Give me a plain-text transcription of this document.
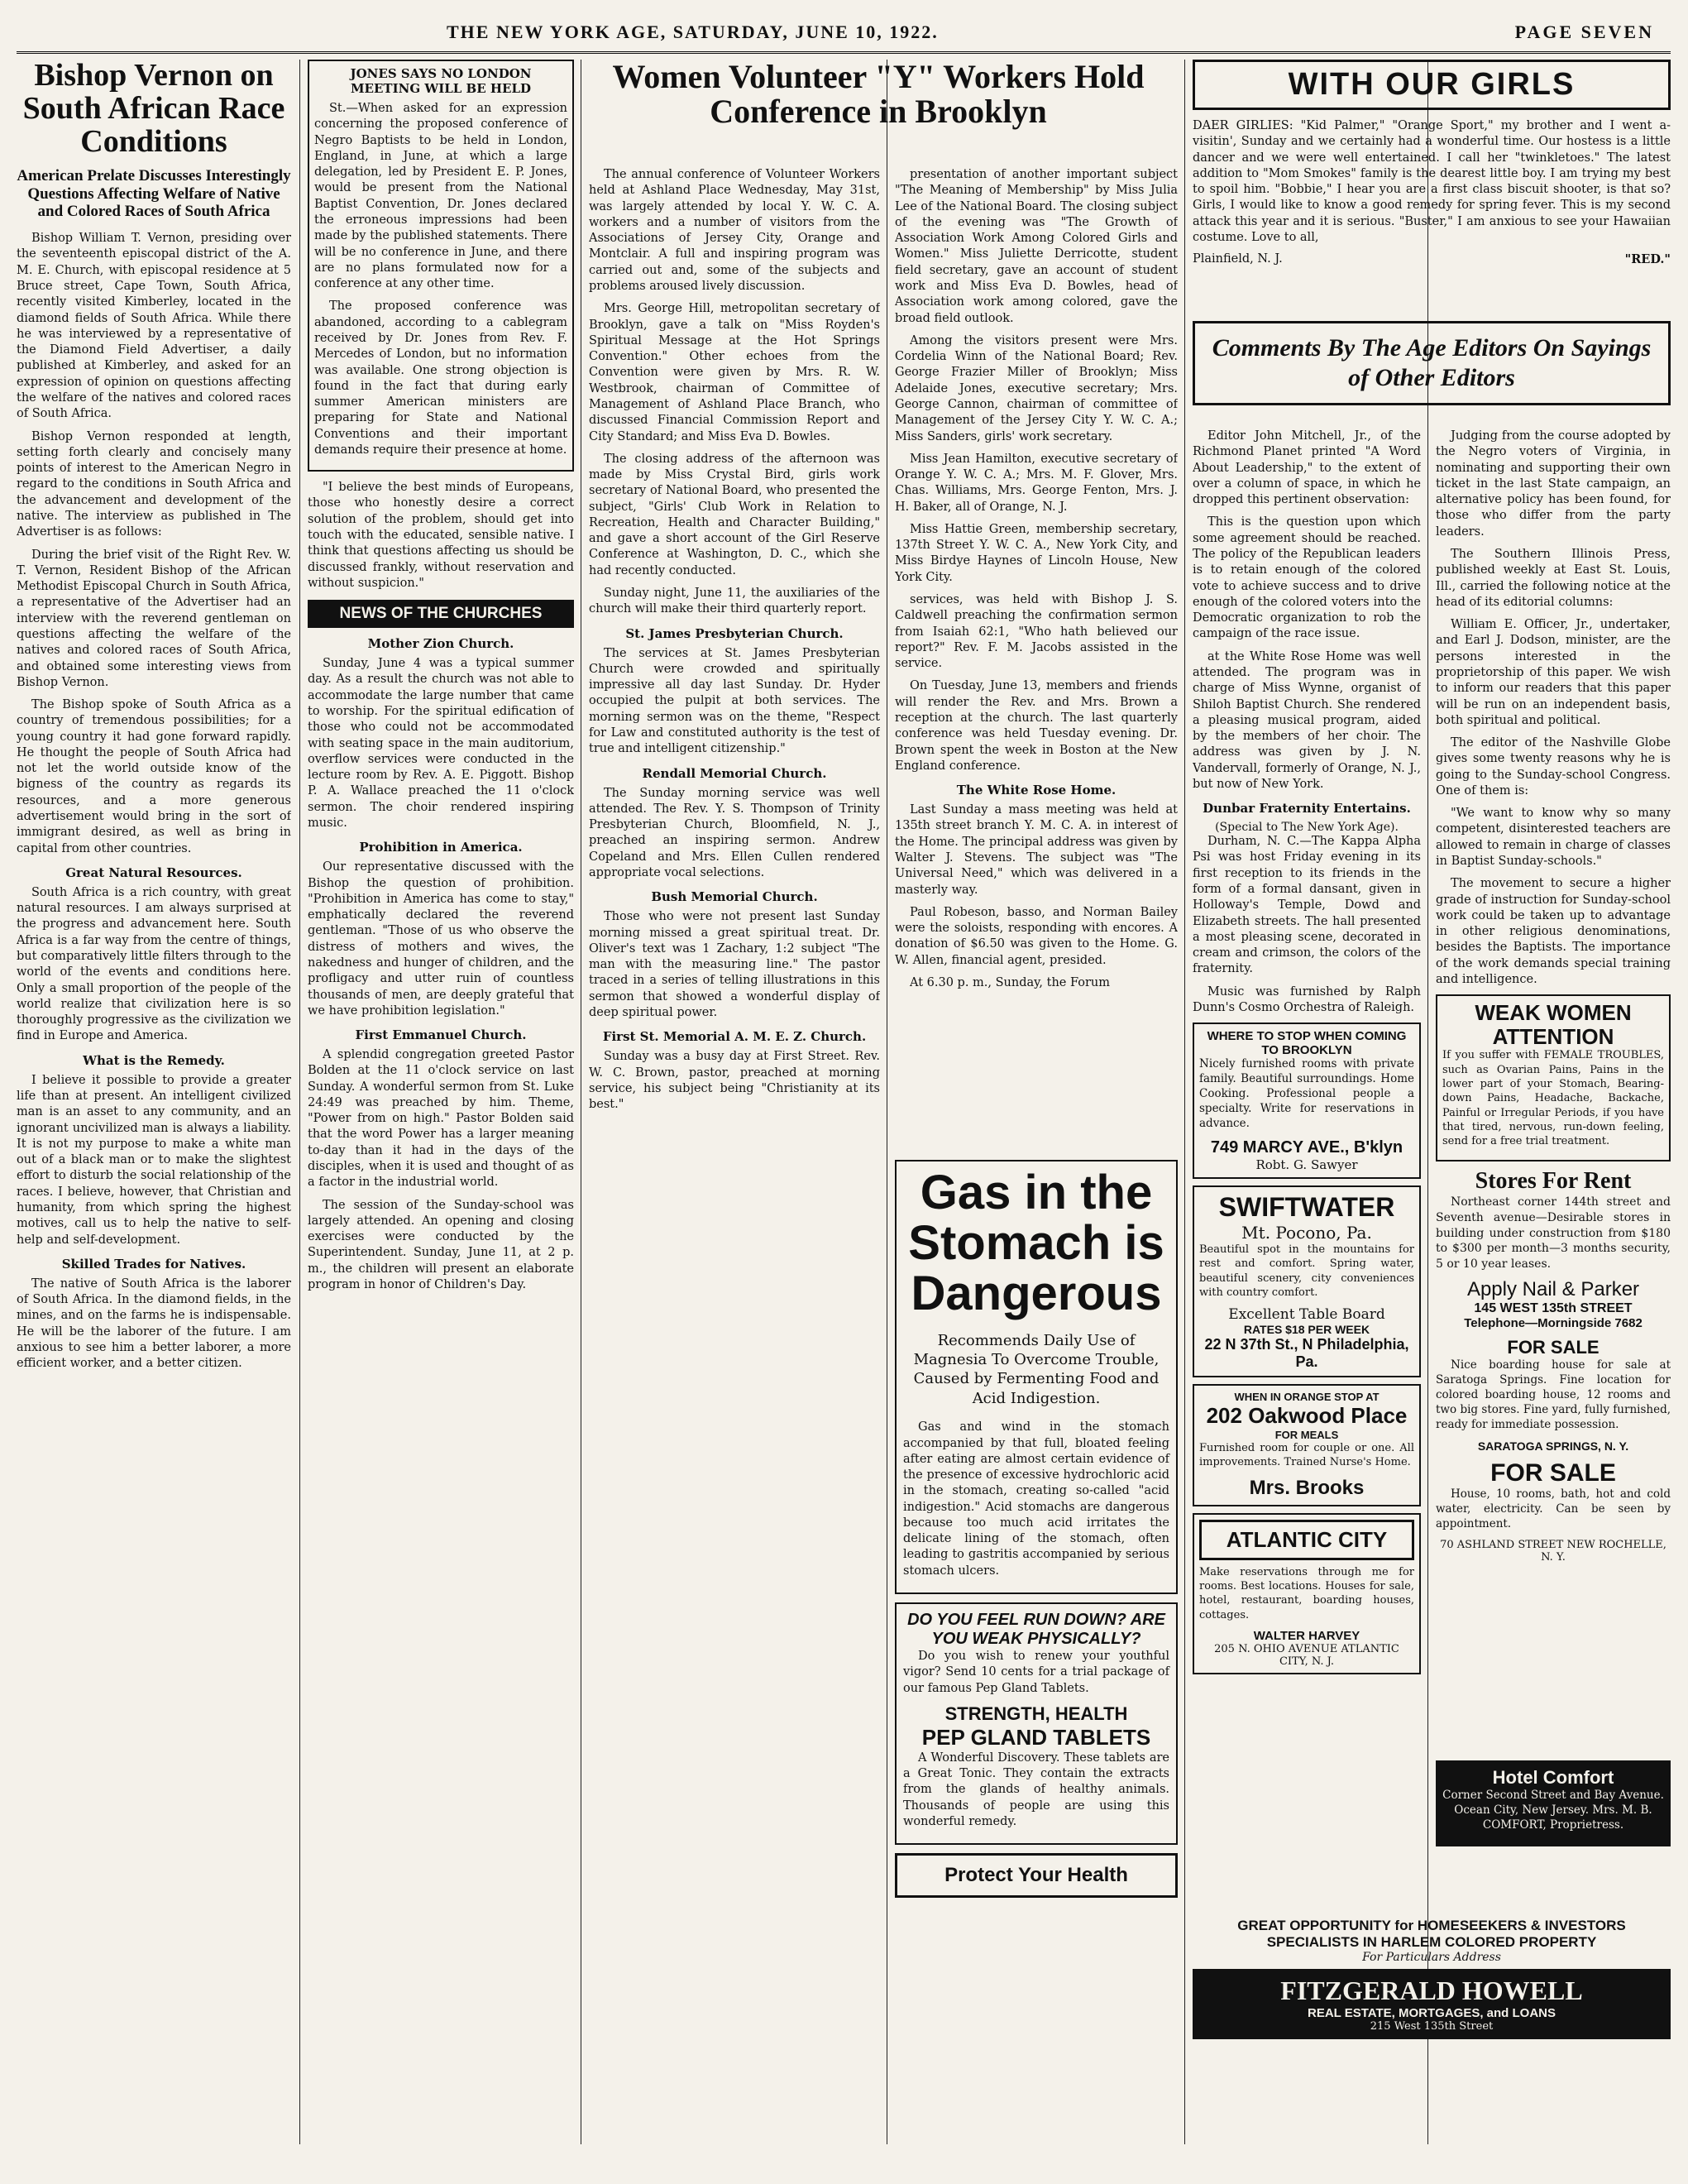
THE NEW YORK AGE, SATURDAY, JUNE 10, 1922.	PAGE SEVEN
Bishop Vernon on South African Race Conditions
American Prelate Discusses Interestingly Questions Affecting Welfare of Native and Colored Races of South Africa

Bishop William T. Vernon, presiding over the seventeenth episcopal district of the A. M. E. Church, with episcopal residence at 5 Bruce street, Cape Town, South Africa, recently visited Kimberley, located in the diamond fields of South Africa. While there he was interviewed by a representative of the Diamond Field Advertiser, a daily published at Kimberley, and asked for an expression of opinion on questions affecting the welfare of the natives and colored races of South Africa.

Bishop Vernon responded at length, setting forth clearly and concisely many points of interest to the American Negro in regard to the conditions in South Africa and the advancement and development of the native. The interview as published in The Advertiser is as follows:

During the brief visit of the Right Rev. W. T. Vernon, Resident Bishop of the African Methodist Episcopal Church in South Africa, a representative of the Advertiser had an interview with the reverend gentleman on questions affecting the welfare of the natives and colored races of South Africa, and obtained some interesting views from Bishop Vernon.

The Bishop spoke of South Africa as a country of tremendous possibilities; for a young country it had gone forward rapidly. He thought the people of South Africa had not let the world outside know of the bigness of the country as regards its resources, and a more generous advertisement would bring in the sort of immigrant desired, as well as bring in capital from other countries.

Great Natural Resources.

South Africa is a rich country, with great natural resources. I am always surprised at the progress and advancement here. South Africa is a far way from the centre of things, but comparatively little filters through to the world of the events and conditions here. Only a small proportion of the people of the world realize that civilization here is so thoroughly progressive as the civilization we find in Europe and America.

What is the Remedy.

I believe it possible to provide a greater life than at present. An intelligent civilized man is an asset to any community, and an ignorant uncivilized man is always a liability. It is not my purpose to make a white man out of a black man or to make the slightest effort to disturb the social relationship of the races. I believe, however, that Christian and humanity, from which spring the highest motives, call us to help the native to self-help and self-development.

Skilled Trades for Natives.

The native of South Africa is the laborer of South Africa. In the diamond fields, in the mines, and on the farms he is indispensable. He will be the laborer of the future. I am anxious to see him a better laborer, a more efficient worker, and a better citizen.

JONES SAYS NO LONDON MEETING WILL BE HELD

St.—When asked for an expression concerning the proposed conference of Negro Baptists to be held in London, England, in June, at which a large delegation, led by President E. P. Jones, would be present from the National Baptist Convention, Dr. Jones declared the erroneous impressions had been made by the published statements. There will be no conference in June, and there are no plans formulated now for a conference at any other time.

The proposed conference was abandoned, according to a cablegram received by Dr. Jones from Rev. F. Mercedes of London, but no information was available. One strong objection is found in the fact that during early summer American ministers are preparing for State and National Conventions and their important demands require their presence at home.

"I believe the best minds of Europeans, those who honestly desire a correct solution of the problem, should get into touch with the educated, sensible native. I think that questions affecting us should be discussed frankly, without reservation and without suspicion."

NEWS OF THE CHURCHES
Mother Zion Church.

Sunday, June 4 was a typical summer day. As a result the church was not able to accommodate the large number that came to worship. For the spiritual edification of those who could not be accommodated with seating space in the main auditorium, overflow services were conducted in the lecture room by Rev. A. E. Piggott. Bishop P. A. Wallace preached the 11 o'clock sermon. The choir rendered inspiring music.

Prohibition in America.

Our representative discussed with the Bishop the question of prohibition. "Prohibition in America has come to stay," emphatically declared the reverend gentleman. "Those of us who observe the distress of mothers and wives, the nakedness and hunger of children, and the profligacy and utter ruin of countless thousands of men, are deeply grateful that we have prohibition legislation."

First Emmanuel Church.

A splendid congregation greeted Pastor Bolden at the 11 o'clock service on last Sunday. A wonderful sermon from St. Luke 24:49 was preached by him. Theme, "Power from on high." Pastor Bolden said that the word Power has a larger meaning to-day than it had in the days of the disciples, when it is used and thought of as a factor in the industrial world.

The session of the Sunday-school was largely attended. An opening and closing exercises were conducted by the Superintendent. Sunday, June 11, at 2 p. m., the children will present an elaborate program in honor of Children's Day.

Women Volunteer "Y" Workers Hold Conference in Brooklyn

The annual conference of Volunteer Workers held at Ashland Place Wednesday, May 31st, was largely attended by local Y. W. C. A. workers and a number of visitors from the Associations of Jersey City, Orange and Montclair. A full and inspiring program was carried out and, some of the subjects and problems aroused lively discussion.

Mrs. George Hill, metropolitan secretary of Brooklyn, gave a talk on "Miss Royden's Spiritual Message at the Hot Springs Convention." Other echoes from the Convention were given by Mrs. R. W. Westbrook, chairman of Committee of Management of Ashland Place Branch, who discussed Financial Commission Report and City Standard; and Miss Eva D. Bowles.

The closing address of the afternoon was made by Miss Crystal Bird, girls work secretary of National Board, who presented the subject, "Girls' Club Work in Relation to Recreation, Health and Character Building," and gave a short account of the Girl Reserve Conference at Washington, D. C., which she had recently conducted.

Sunday night, June 11, the auxiliaries of the church will make their third quarterly report.

St. James Presbyterian Church.

The services at St. James Presbyterian Church were crowded and spiritually impressive all day last Sunday. Dr. Hyder occupied the pulpit at both services. The morning sermon was on the theme, "Respect for Law and constituted authority is the test of true and intelligent citizenship."

Rendall Memorial Church.

The Sunday morning service was well attended. The Rev. Y. S. Thompson of Trinity Presbyterian Church, Bloomfield, N. J., preached an inspiring sermon. Andrew Copeland and Mrs. Ellen Cullen rendered appropriate vocal selections.

Bush Memorial Church.

Those who were not present last Sunday morning missed a great spiritual treat. Dr. Oliver's text was 1 Zachary, 1:2 subject "The man with the measuring line." The pastor traced in a series of telling illustrations in this sermon that showed a wonderful display of deep spiritual power.

First St. Memorial A. M. E. Z. Church.

Sunday was a busy day at First Street. Rev. W. C. Brown, pastor, preached at morning service, his subject being "Christianity at its best."

presentation of another important subject "The Meaning of Membership" by Miss Julia Lee of the National Board. The closing subject of the evening was "The Growth of Association Work Among Colored Girls and Women." Miss Juliette Derricotte, student field secretary, gave an account of student work and Miss Eva D. Bowles, head of Association work among colored, gave the broad field outlook.

Among the visitors present were Mrs. Cordelia Winn of the National Board; Rev. George Frazier Miller of Brooklyn; Miss Adelaide Jones, executive secretary; Mrs. George Cannon, chairman of committee of Management of the Jersey City Y. W. C. A.; Miss Sanders, girls' work secretary.

Miss Jean Hamilton, executive secretary of Orange Y. W. C. A.; Mrs. M. F. Glover, Mrs. Chas. Williams, Mrs. George Fenton, Mrs. J. H. Baker, all of Orange, N. J.

Miss Hattie Green, membership secretary, 137th Street Y. W. C. A., New York City, and Miss Birdye Haynes of Lincoln House, New York City.

services, was held with Bishop J. S. Caldwell preaching the confirmation sermon from Isaiah 62:1, "Who hath believed our report?" Rev. F. M. Jacobs assisted in the service.

On Tuesday, June 13, members and friends will render the Rev. and Mrs. Brown a reception at the church. The last quarterly conference was held Tuesday evening. Dr. Brown spent the week in Boston at the New England conference.

The White Rose Home.

Last Sunday a mass meeting was held at 135th street branch Y. M. C. A. in interest of the Home. The principal address was given by Walter J. Stevens. The subject was "The Universal Need," which was delivered in a masterly way.

Paul Robeson, basso, and Norman Bailey were the soloists, responding with encores. A donation of $6.50 was given to the Home. G. W. Allen, financial agent, presided.

At 6.30 p. m., Sunday, the Forum

Gas in the Stomach is Dangerous
Recommends Daily Use of Magnesia To Overcome Trouble, Caused by Fermenting Food and Acid Indigestion.

Gas and wind in the stomach accompanied by that full, bloated feeling after eating are almost certain evidence of the presence of excessive hydrochloric acid in the stomach, creating so-called "acid indigestion." Acid stomachs are dangerous because too much acid irritates the delicate lining of the stomach, often leading to gastritis accompanied by serious stomach ulcers.

DO YOU FEEL RUN DOWN? ARE YOU WEAK PHYSICALLY?

Do you wish to renew your youthful vigor? Send 10 cents for a trial package of our famous Pep Gland Tablets.

STRENGTH, HEALTH
PEP GLAND TABLETS

A Wonderful Discovery. These tablets are a Great Tonic. They contain the extracts from the glands of healthy animals. Thousands of people are using this wonderful remedy.

Protect Your Health
WITH OUR GIRLS

DAER GIRLIES: "Kid Palmer," "Orange Sport," my brother and I went a-visitin', Sunday and we certainly had a wonderful time. Our hostess is a little dancer and we were well entertained. I call her "twinkletoes." The latest addition to "Mom Smokes" family is the dearest little boy. I am trying my best to spoil him. "Bobbie," I hear you are a first class biscuit shooter, is that so? Girls, I would like to know a good remedy for spring fever. This is my second attack this year and it is serious. "Buster," I am anxious to see your Hawaiian costume. Love to all,

Plainfield, N. J.	"RED."
Comments By The Age Editors On Sayings of Other Editors

Editor John Mitchell, Jr., of the Richmond Planet printed "A Word About Leadership," to the extent of over a column of space, in which he dropped this pertinent observation:

This is the question upon which some agreement should be reached. The policy of the Republican leaders is to retain enough of the colored vote to achieve success and to drive enough of the colored voters into the Democratic organization to rob the campaign of the race issue.

at the White Rose Home was well attended. The program was in charge of Miss Wynne, organist of Shiloh Baptist Church. She rendered a pleasing musical program, aided by the members of her choir. The address was given by J. N. Vandervall, formerly of Orange, N. J., but now of New York.

Dunbar Fraternity Entertains.
(Special to The New York Age).

Durham, N. C.—The Kappa Alpha Psi was host Friday evening in its first reception to its friends in the form of a formal dansant, given in Holloway's Temple, Dowd and Elizabeth streets. The hall presented a most pleasing scene, decorated in cream and crimson, the colors of the fraternity.

Music was furnished by Ralph Dunn's Cosmo Orchestra of Raleigh.

WHERE TO STOP WHEN COMING TO BROOKLYN

Nicely furnished rooms with private family. Beautiful surroundings. Home Cooking. Professional people a specialty. Write for reservations in advance.

749 MARCY AVE., B'klyn
Robt. G. Sawyer
SWIFTWATER
Mt. Pocono, Pa.

Beautiful spot in the mountains for rest and comfort. Spring water, beautiful scenery, city conveniences with country comfort.

Excellent Table Board
RATES $18 PER WEEK
22 N 37th St., N Philadelphia, Pa.
WHEN IN ORANGE STOP AT
202 Oakwood Place
FOR MEALS

Furnished room for couple or one. All improvements. Trained Nurse's Home.

Mrs. Brooks
ATLANTIC CITY

Make reservations through me for rooms. Best locations. Houses for sale, hotel, restaurant, boarding houses, cottages.

WALTER HARVEY
205 N. OHIO AVENUE ATLANTIC CITY, N. J.

Judging from the course adopted by the Negro voters of Virginia, in nominating and supporting their own ticket in the last State campaign, an alternative policy has been found, for those who differ from the party leaders.

The Southern Illinois Press, published weekly at East St. Louis, Ill., carried the following notice at the head of its editorial columns:

William E. Officer, Jr., undertaker, and Earl J. Dodson, minister, are the persons interested in the proprietorship of this paper. We wish to inform our readers that this paper will be run on an independent basis, both spiritual and political.

The editor of the Nashville Globe gives some twenty reasons why he is going to the Sunday-school Congress. One of them is:

"We want to know why so many competent, disinterested teachers are allowed to remain in charge of classes in Baptist Sunday-schools."

The movement to secure a higher grade of instruction for Sunday-school work could be taken up to advantage in other religious denominations, besides the Baptists. The importance of the work demands special training and intelligence.

WEAK WOMEN ATTENTION

If you suffer with FEMALE TROUBLES, such as Ovarian Pains, Pains in the lower part of your Stomach, Bearing-down Pains, Headache, Backache, Painful or Irregular Periods, if you have that tired, nervous, run-down feeling, send for a free trial treatment.

Stores For Rent

Northeast corner 144th street and Seventh avenue—Desirable stores in building under construction from $180 to $300 per month—3 months security, 5 or 10 year leases.

Apply Nail & Parker
145 WEST 135th STREET
Telephone—Morningside 7682
FOR SALE

Nice boarding house for sale at Saratoga Springs. Fine location for colored boarding house, 12 rooms and two big stores. Fine yard, fully furnished, ready for immediate possession.

SARATOGA SPRINGS, N. Y.
FOR SALE

House, 10 rooms, bath, hot and cold water, electricity. Can be seen by appointment.

70 ASHLAND STREET NEW ROCHELLE, N. Y.
Hotel Comfort

Corner Second Street and Bay Avenue. Ocean City, New Jersey. Mrs. M. B. COMFORT, Proprietress.

GREAT OPPORTUNITY for HOMESEEKERS & INVESTORS
SPECIALISTS IN HARLEM COLORED PROPERTY
For Particulars Address
FITZGERALD HOWELL
REAL ESTATE, MORTGAGES, and LOANS
215 West 135th Street
